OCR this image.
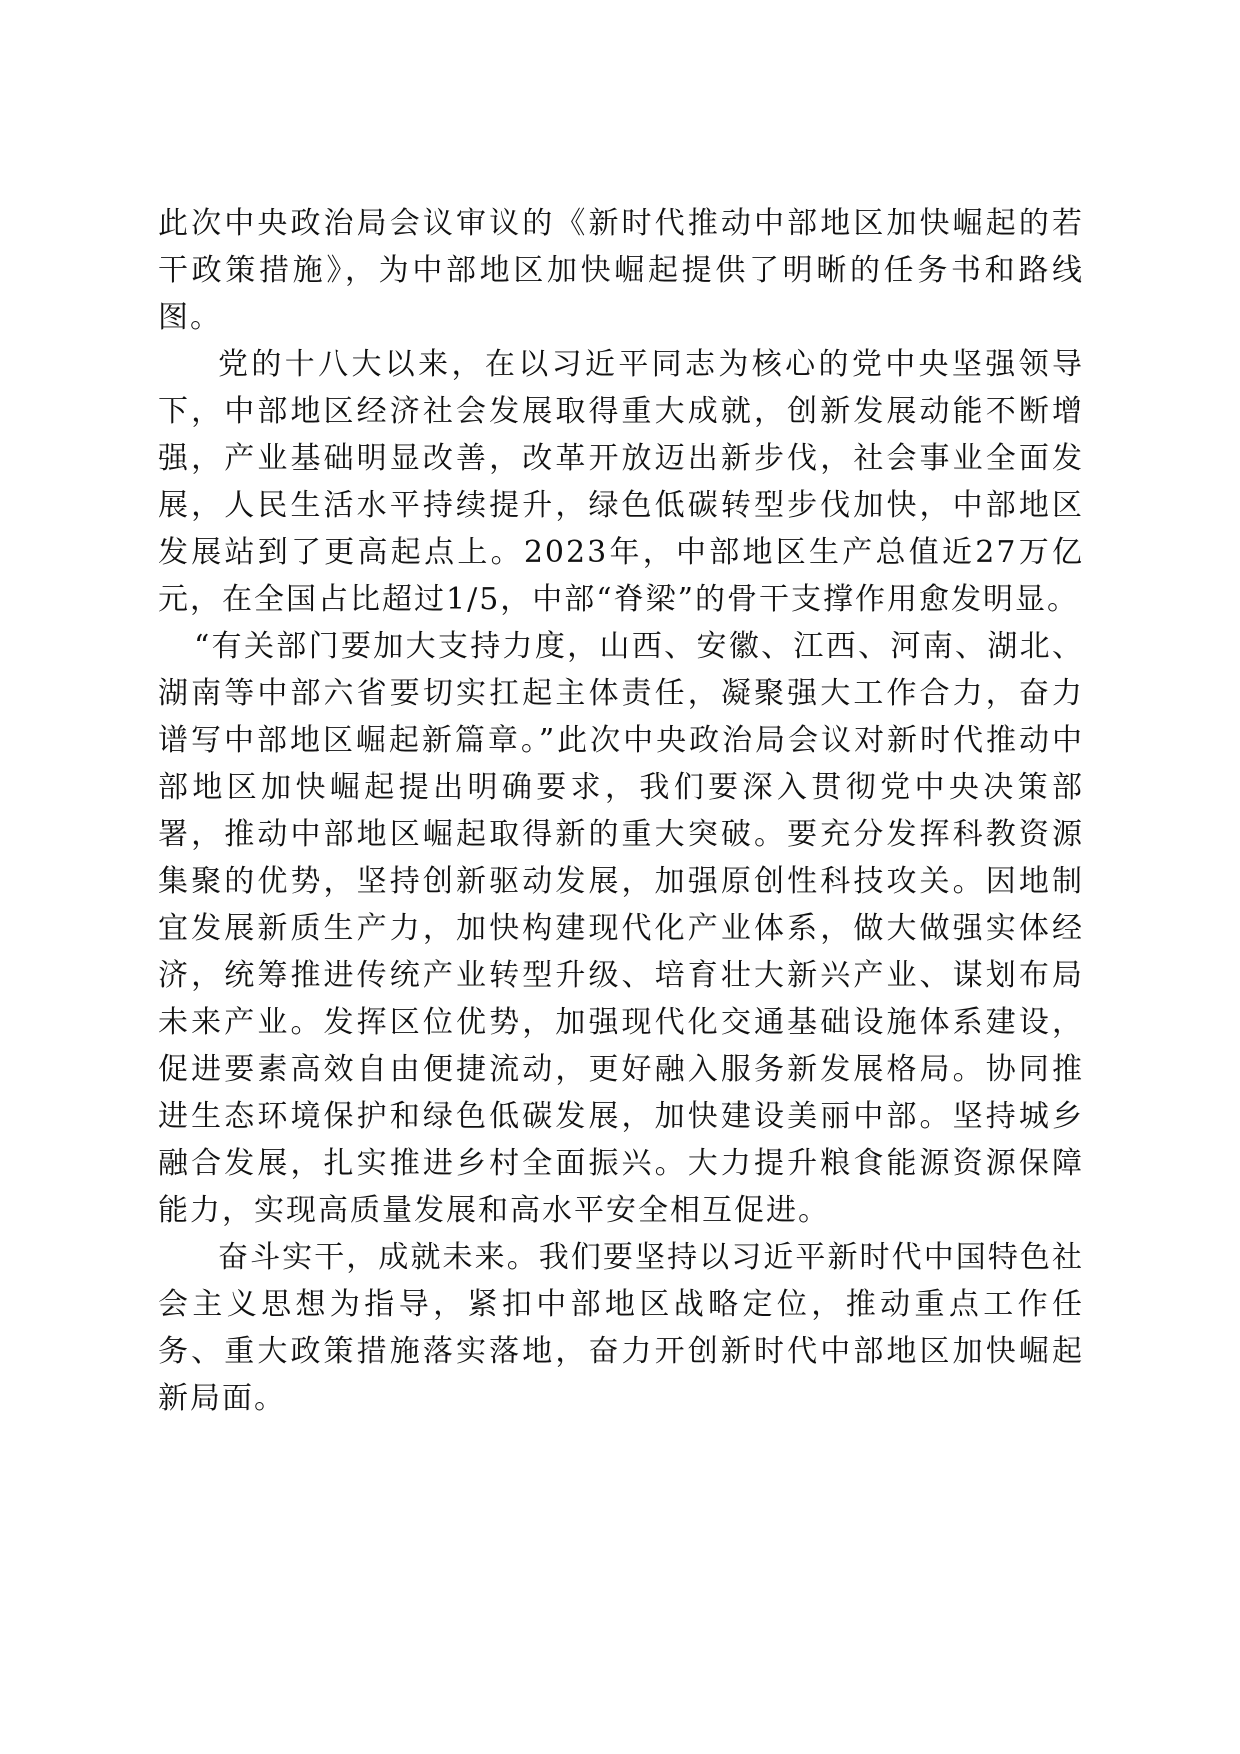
此次中央政治局会议审议的《新时代推动中部地区加快崛起的若干政策措施》，为中部地区加快崛起提供了明晰的任务书和路线图。

党的十八大以来，在以习近平同志为核心的党中央坚强领导下，中部地区经济社会发展取得重大成就，创新发展动能不断增强，产业基础明显改善，改革开放迈出新步伐，社会事业全面发展，人民生活水平持续提升，绿色低碳转型步伐加快，中部地区发展站到了更高起点上。2023年，中部地区生产总值近27万亿元，在全国占比超过1/5，中部“脊梁”的骨干支撑作用愈发明显。

“有关部门要加大支持力度，山西、安徽、江西、河南、湖北、湖南等中部六省要切实扛起主体责任，凝聚强大工作合力，奋力谱写中部地区崛起新篇章。”此次中央政治局会议对新时代推动中部地区加快崛起提出明确要求，我们要深入贯彻党中央决策部署，推动中部地区崛起取得新的重大突破。要充分发挥科教资源集聚的优势，坚持创新驱动发展，加强原创性科技攻关。因地制宜发展新质生产力，加快构建现代化产业体系，做大做强实体经济，统筹推进传统产业转型升级、培育壮大新兴产业、谋划布局未来产业。发挥区位优势，加强现代化交通基础设施体系建设，促进要素高效自由便捷流动，更好融入服务新发展格局。协同推进生态环境保护和绿色低碳发展，加快建设美丽中部。坚持城乡融合发展，扎实推进乡村全面振兴。大力提升粮食能源资源保障能力，实现高质量发展和高水平安全相互促进。

奋斗实干，成就未来。我们要坚持以习近平新时代中国特色社会主义思想为指导，紧扣中部地区战略定位，推动重点工作任务、重大政策措施落实落地，奋力开创新时代中部地区加快崛起新局面。
